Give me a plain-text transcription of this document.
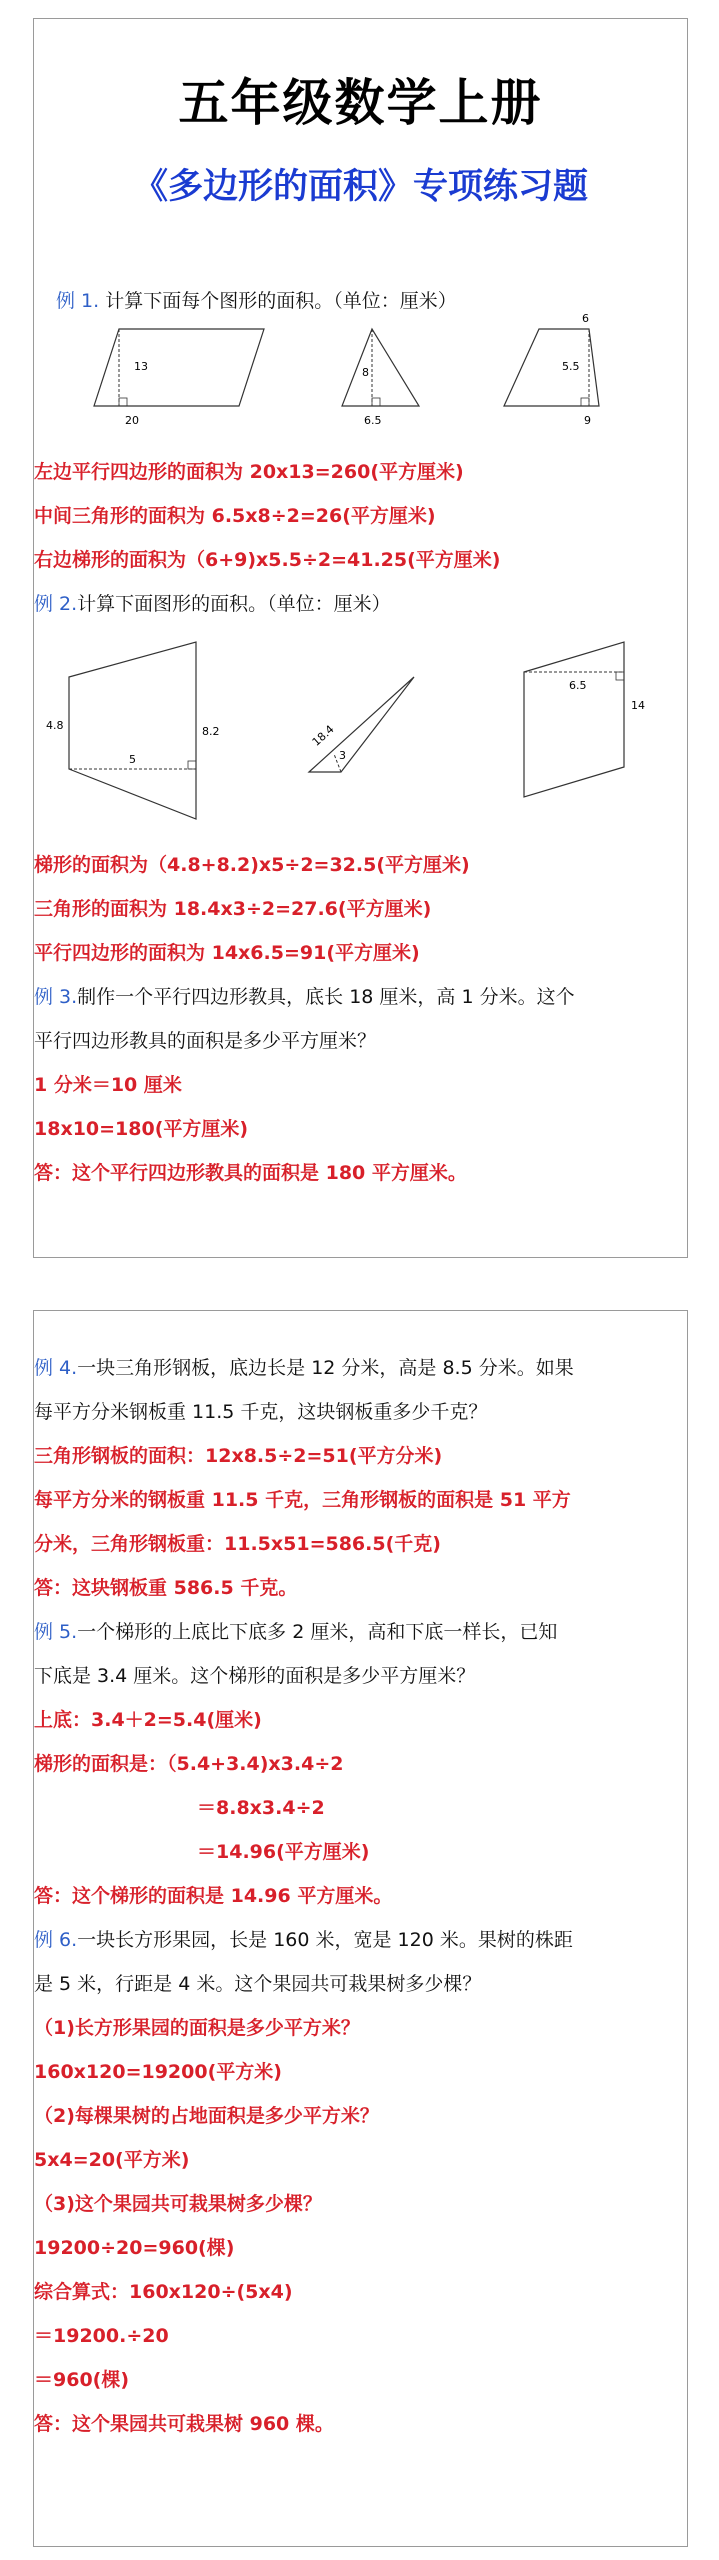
五年级数学上册
《多边形的面积》专项练习题
例 1. 计算下面每个图形的面积。（单位：厘米）
13
20
8
6.5
6
5.5
9
左边平行四边形的面积为 20x13=260(平方厘米)
中间三角形的面积为 6.5x8÷2=26(平方厘米)
右边梯形的面积为（6+9)x5.5÷2=41.25(平方厘米)
例 2.计算下面图形的面积。（单位：厘米）
4.8
5
8.2	18.4
3
6.5
14
梯形的面积为（4.8+8.2)x5÷2=32.5(平方厘米)
三角形的面积为 18.4x3÷2=27.6(平方厘米)
平行四边形的面积为 14x6.5=91(平方厘米)
例 3.制作一个平行四边形教具，底长 18 厘米，高 1 分米。这个
平行四边形教具的面积是多少平方厘米？
1 分米＝10 厘米
18x10=180(平方厘米)
答：这个平行四边形教具的面积是 180 平方厘米。
例 4.一块三角形钢板，底边长是 12 分米，高是 8.5 分米。如果
每平方分米钢板重 11.5 千克，这块钢板重多少千克？
三角形钢板的面积：12x8.5÷2=51(平方分米)
每平方分米的钢板重 11.5 千克，三角形钢板的面积是 51 平方
分米，三角形钢板重：11.5x51=586.5(千克)
答：这块钢板重 586.5 千克。
例 5.一个梯形的上底比下底多 2 厘米，高和下底一样长，已知
下底是 3.4 厘米。这个梯形的面积是多少平方厘米？
上底：3.4＋2=5.4(厘米)
梯形的面积是：（5.4+3.4)x3.4÷2
＝8.8x3.4÷2
＝14.96(平方厘米)
答：这个梯形的面积是 14.96 平方厘米。
例 6.一块长方形果园，长是 160 米，宽是 120 米。果树的株距
是 5 米，行距是 4 米。这个果园共可栽果树多少棵？
（1)长方形果园的面积是多少平方米？
160x120=19200(平方米)
（2)每棵果树的占地面积是多少平方米？
5x4=20(平方米)
（3)这个果园共可栽果树多少棵？
19200÷20=960(棵)
综合算式：160x120÷(5x4)
＝19200.÷20
＝960(棵)
答：这个果园共可栽果树 960 棵。
